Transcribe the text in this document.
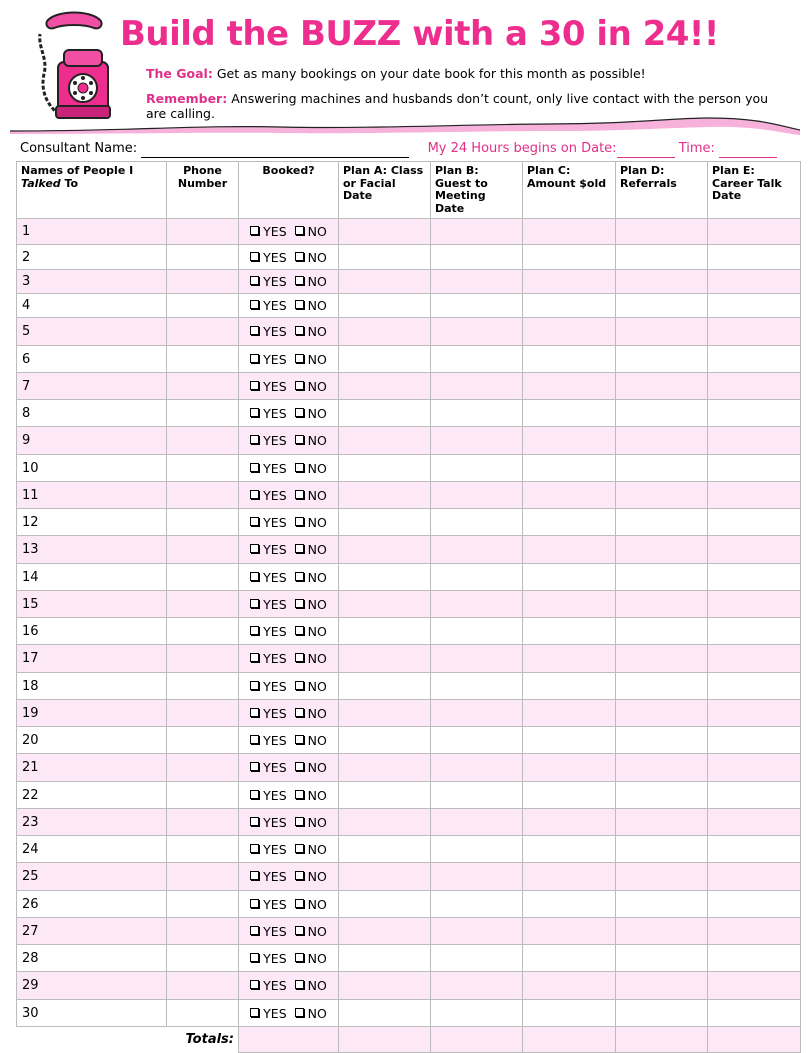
Build the BUZZ with a 30 in 24!!
The Goal: Get as many bookings on your date book for this month as possible!
Remember: Answering machines and husbands don’t count, only live contact with the person you are calling.
Consultant Name:	My 24 Hours begins on Date:	Time:
Names of People I
Talked To	Phone Number	Booked?	Plan A: Class or Facial Date	Plan B: Guest to Meeting Date	Plan C: Amount $old	Plan D: Referrals	Plan E: Career Talk Date
1		YES NO					
2		YES NO					
3		YES NO					
4		YES NO					
5		YES NO					
6		YES NO					
7		YES NO					
8		YES NO					
9		YES NO					
10		YES NO					
11		YES NO					
12		YES NO					
13		YES NO					
14		YES NO					
15		YES NO					
16		YES NO					
17		YES NO					
18		YES NO					
19		YES NO					
20		YES NO					
21		YES NO					
22		YES NO					
23		YES NO					
24		YES NO					
25		YES NO					
26		YES NO					
27		YES NO					
28		YES NO					
29		YES NO					
30		YES NO					
Totals:							
